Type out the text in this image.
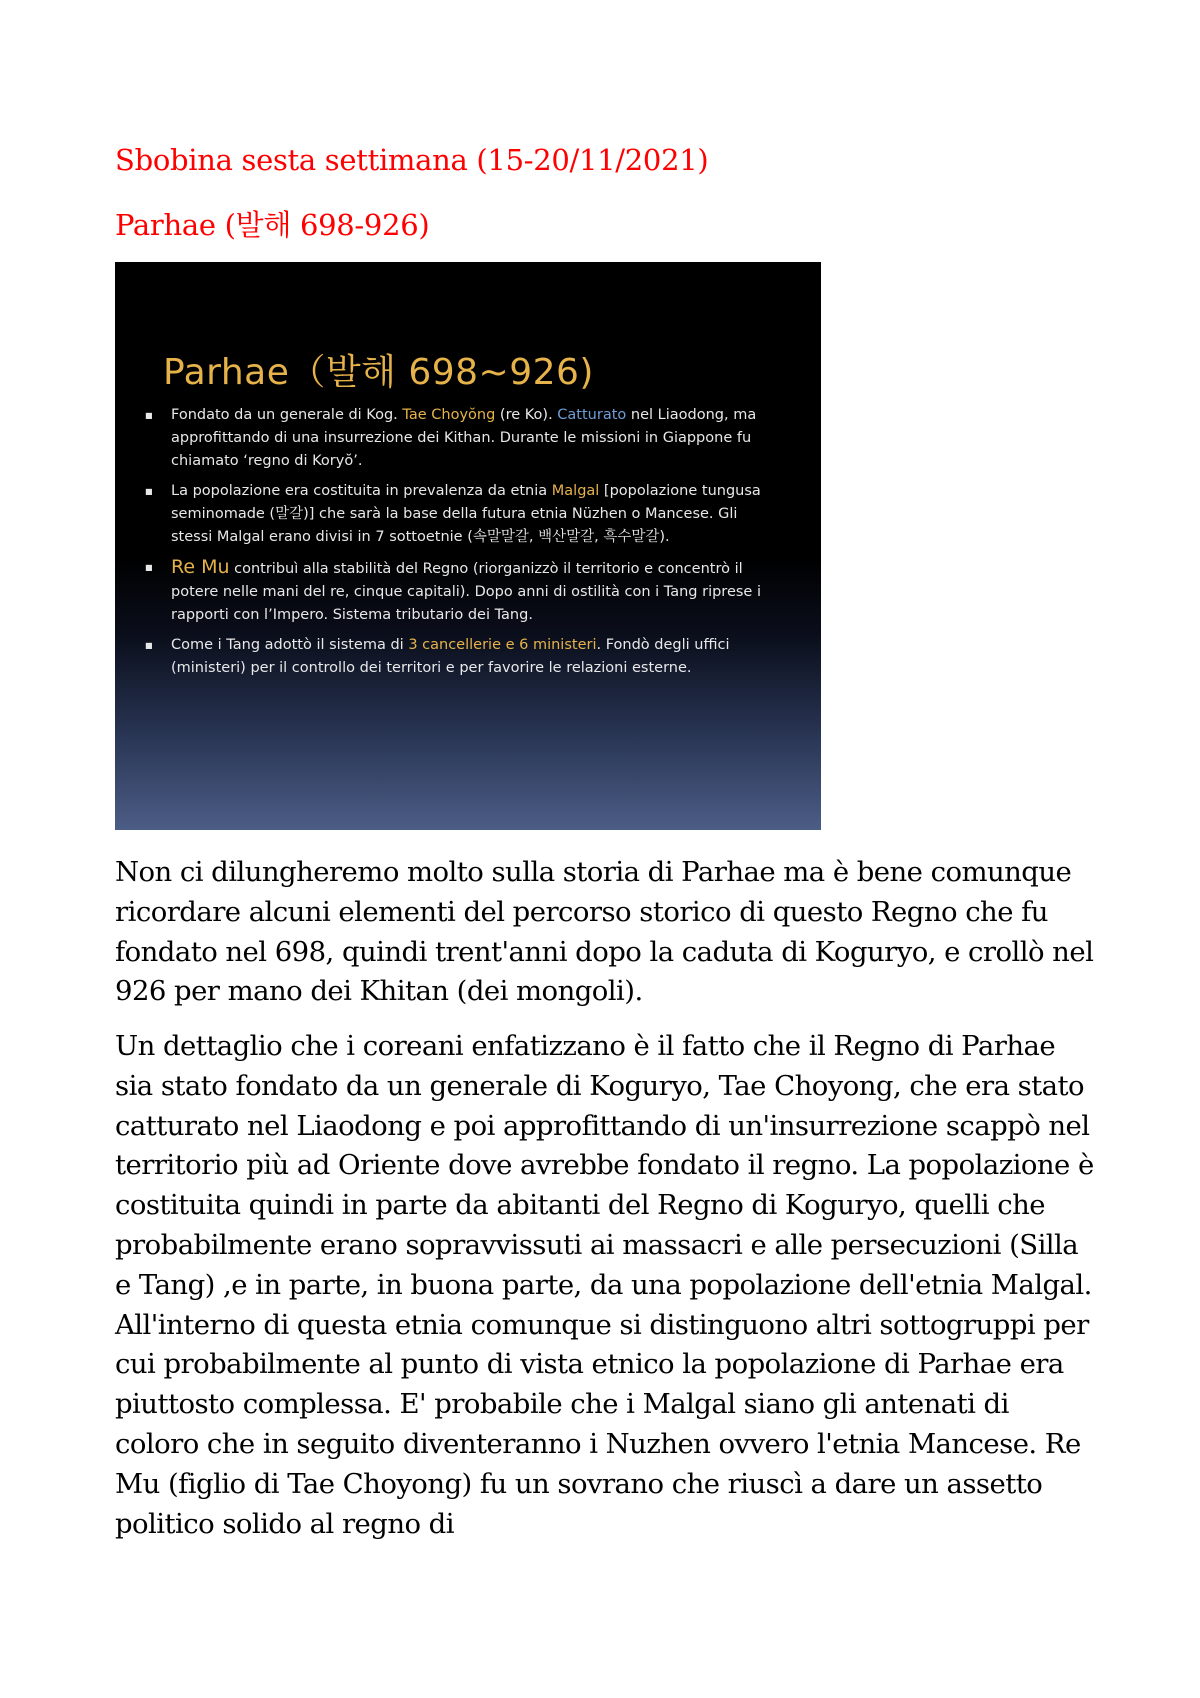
Sbobina sesta settimana (15-20/11/2021)

Parhae (발해 698-926)

Parhae（발해 698~926)
■ Fondato da un generale di Kog. Tae Choyŏng (re Ko). Catturato nel Liaodong, ma approfittando di una insurrezione dei Kithan. Durante le missioni in Giappone fu chiamato ‘regno di Koryŏ’.
■ La popolazione era costituita in prevalenza da etnia Malgal [popolazione tungusa seminomade (말갈)] che sarà la base della futura etnia Nüzhen o Mancese. Gli stessi Malgal erano divisi in 7 sottoetnie (속말말갈, 백산말갈, 흑수말갈).
■ Re Mu contribuì alla stabilità del Regno (riorganizzò il territorio e concentrò il potere nelle mani del re, cinque capitali). Dopo anni di ostilità con i Tang riprese i rapporti con l’Impero. Sistema tributario dei Tang.
■ Come i Tang adottò il sistema di 3 cancellerie e 6 ministeri. Fondò degli uffici (ministeri) per il controllo dei territori e per favorire le relazioni esterne.

Non ci dilungheremo molto sulla storia di Parhae ma è bene comunque ricordare alcuni elementi del percorso storico di questo Regno che fu fondato nel 698, quindi trent'anni dopo la caduta di Koguryo, e crollò nel 926 per mano dei Khitan (dei mongoli).

Un dettaglio che i coreani enfatizzano è il fatto che il Regno di Parhae sia stato fondato da un generale di Koguryo, Tae Choyong, che era stato catturato nel Liaodong e poi approfittando di un'insurrezione scappò nel territorio più ad Oriente dove avrebbe fondato il regno. La popolazione è costituita quindi in parte da abitanti del Regno di Koguryo, quelli che probabilmente erano sopravvissuti ai massacri e alle persecuzioni (Silla e Tang) ,e in parte, in buona parte, da una popolazione dell'etnia Malgal. All'interno di questa etnia comunque si distinguono altri sottogruppi per cui probabilmente al punto di vista etnico la popolazione di Parhae era piuttosto complessa. E' probabile che i Malgal siano gli antenati di coloro che in seguito diventeranno i Nuzhen ovvero l'etnia Mancese. Re Mu (figlio di Tae Choyong) fu un sovrano che riuscì a dare un assetto politico solido al regno di
